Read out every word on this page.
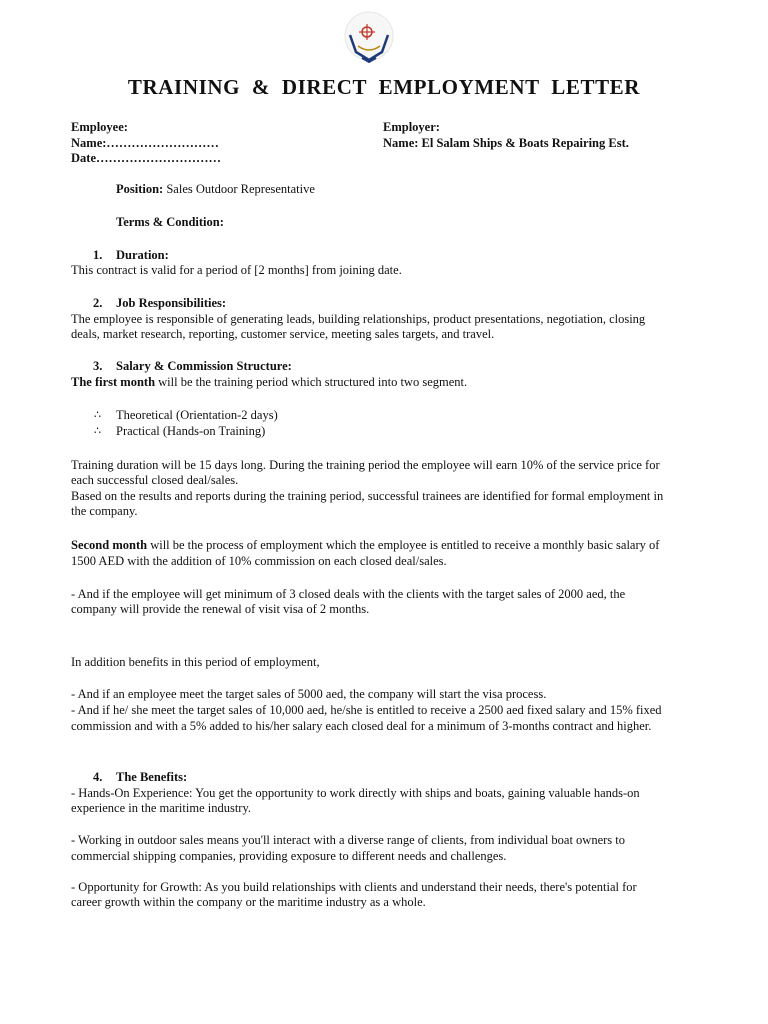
TRAINING & DIRECT EMPLOYMENT LETTER
Employee:
Name:………………………
Date…………………………
Employer:
Name: El Salam Ships & Boats Repairing Est.
Position: Sales Outdoor Representative
Terms & Condition:
1. Duration:
This contract is valid for a period of [2 months] from joining date.
2. Job Responsibilities:
The employee is responsible of generating leads, building relationships, product presentations, negotiation, closing
deals, market research, reporting, customer service, meeting sales targets, and travel.
3. Salary & Commission Structure:
The first month will be the training period which structured into two segment.
∴ Theoretical (Orientation-2 days)
∴ Practical (Hands-on Training)
Training duration will be 15 days long. During the training period the employee will earn 10% of the service price for
each successful closed deal/sales.
Based on the results and reports during the training period, successful trainees are identified for formal employment in
the company.
Second month will be the process of employment which the employee is entitled to receive a monthly basic salary of
1500 AED with the addition of 10% commission on each closed deal/sales.
- And if the employee will get minimum of 3 closed deals with the clients with the target sales of 2000 aed, the
company will provide the renewal of visit visa of 2 months.
In addition benefits in this period of employment,
- And if an employee meet the target sales of 5000 aed, the company will start the visa process.
- And if he/ she meet the target sales of 10,000 aed, he/she is entitled to receive a 2500 aed fixed salary and 15% fixed
commission and with a 5% added to his/her salary each closed deal for a minimum of 3-months contract and higher.
4. The Benefits:
- Hands-On Experience: You get the opportunity to work directly with ships and boats, gaining valuable hands-on
experience in the maritime industry.
- Working in outdoor sales means you'll interact with a diverse range of clients, from individual boat owners to
commercial shipping companies, providing exposure to different needs and challenges.
- Opportunity for Growth: As you build relationships with clients and understand their needs, there's potential for
career growth within the company or the maritime industry as a whole.
